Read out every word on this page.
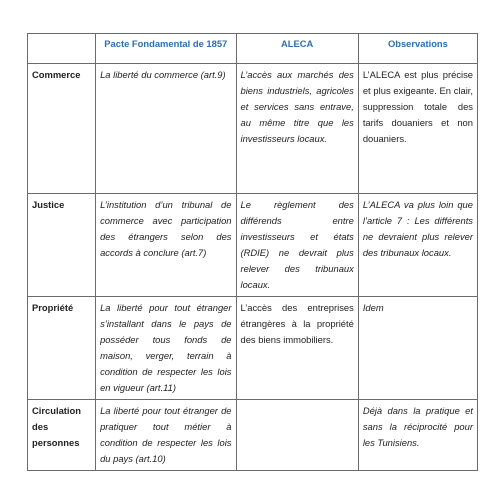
	Pacte Fondamental de 1857	ALECA	Observations
Commerce	La liberté du commerce (art.9)	L’accès aux marchés des biens industriels, agricoles et services sans entrave, au même titre que les investisseurs locaux.	L’ALECA est plus précise et plus exigeante. En clair, suppression totale des tarifs douaniers et non douaniers.
Justice	L’institution d’un tribunal de commerce avec participation des étrangers selon des accords à conclure (art.7)	Le règlement des différends entre investisseurs et états (RDIE) ne devrait plus relever des tribunaux locaux.	L’ALECA va plus loin que l’article 7 : Les différents ne devraient plus relever des tribunaux locaux.
Propriété	La liberté pour tout étranger s’installant dans le pays de posséder tous fonds de maison, verger, terrain à condition de respecter les lois en vigueur (art.11)	L’accès des entreprises étrangères à la propriété des biens immobiliers.	Idem
Circulation des personnes	La liberté pour tout étranger de pratiquer tout métier à condition de respecter les lois du pays (art.10)		Déjà dans la pratique et sans la réciprocité pour les Tunisiens.
